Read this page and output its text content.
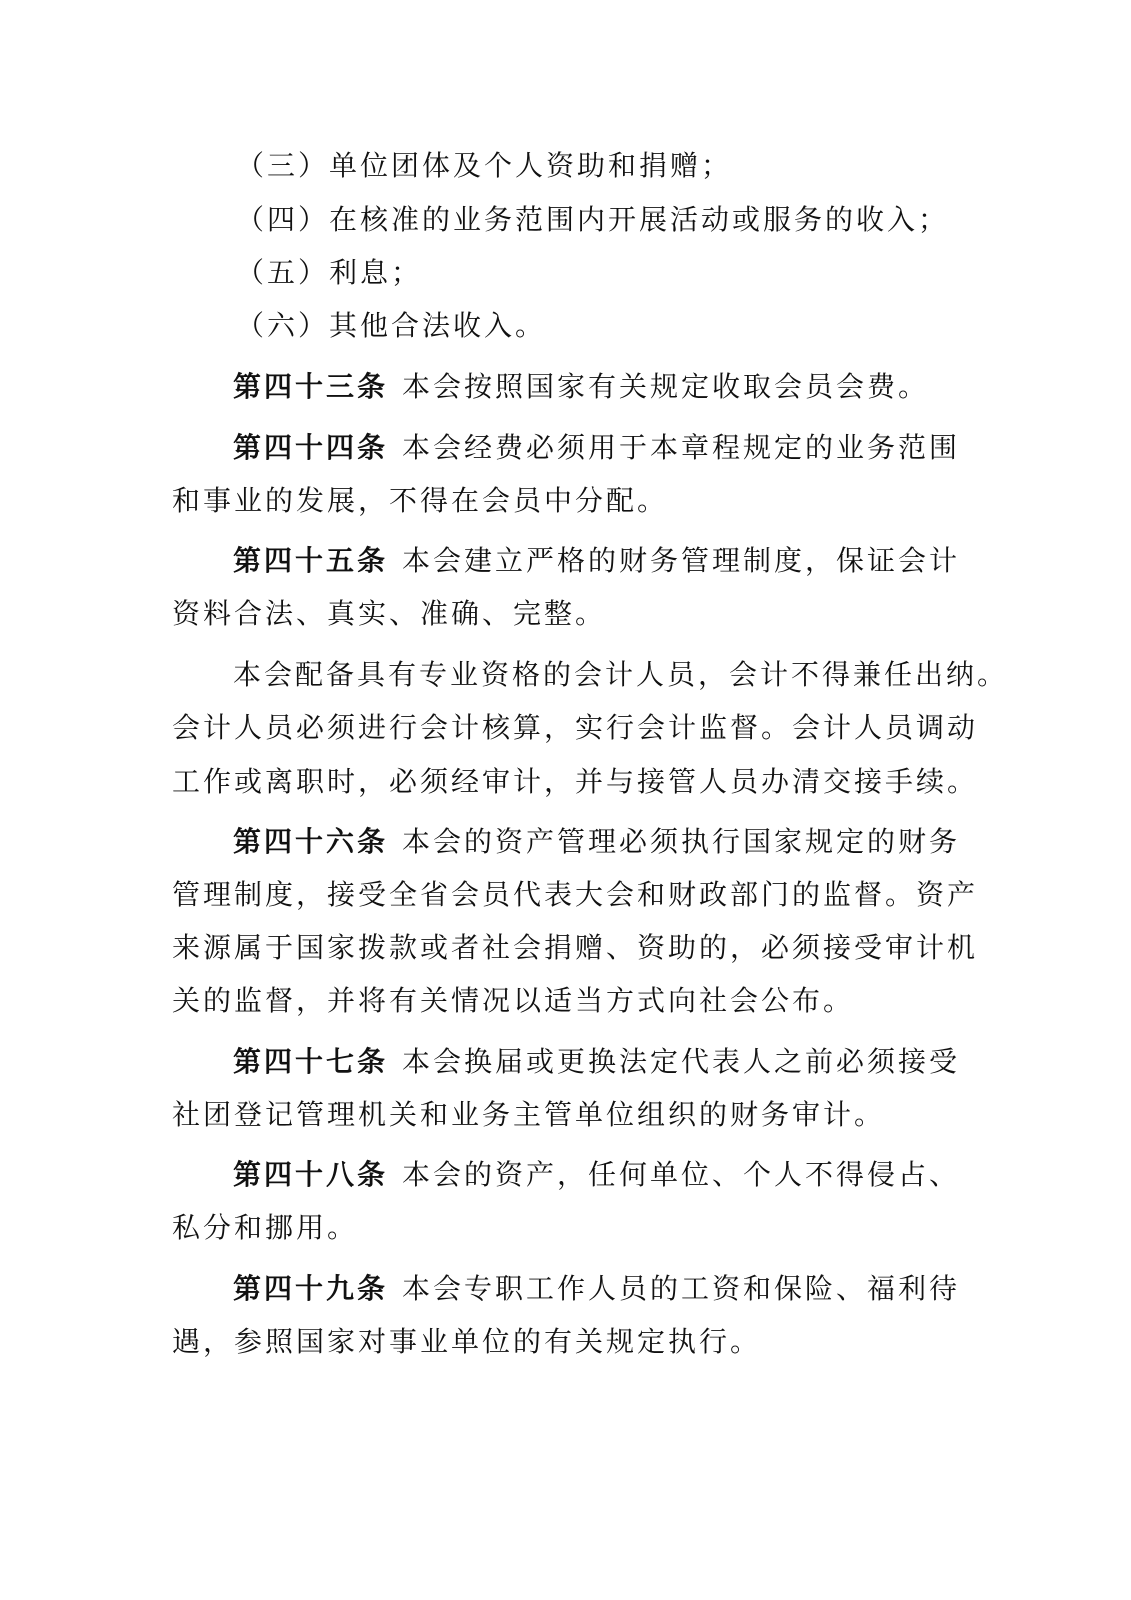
（三）单位团体及个人资助和捐赠；
（四）在核准的业务范围内开展活动或服务的收入；
（五）利息；
（六）其他合法收入。
第四十三条 本会按照国家有关规定收取会员会费。
第四十四条 本会经费必须用于本章程规定的业务范围
和事业的发展，不得在会员中分配。
第四十五条 本会建立严格的财务管理制度，保证会计
资料合法、真实、准确、完整。
本会配备具有专业资格的会计人员，会计不得兼任出纳。
会计人员必须进行会计核算，实行会计监督。会计人员调动
工作或离职时，必须经审计，并与接管人员办清交接手续。
第四十六条 本会的资产管理必须执行国家规定的财务
管理制度，接受全省会员代表大会和财政部门的监督。资产
来源属于国家拨款或者社会捐赠、资助的，必须接受审计机
关的监督，并将有关情况以适当方式向社会公布。
第四十七条 本会换届或更换法定代表人之前必须接受
社团登记管理机关和业务主管单位组织的财务审计。
第四十八条 本会的资产，任何单位、个人不得侵占、
私分和挪用。
第四十九条 本会专职工作人员的工资和保险、福利待
遇，参照国家对事业单位的有关规定执行。
